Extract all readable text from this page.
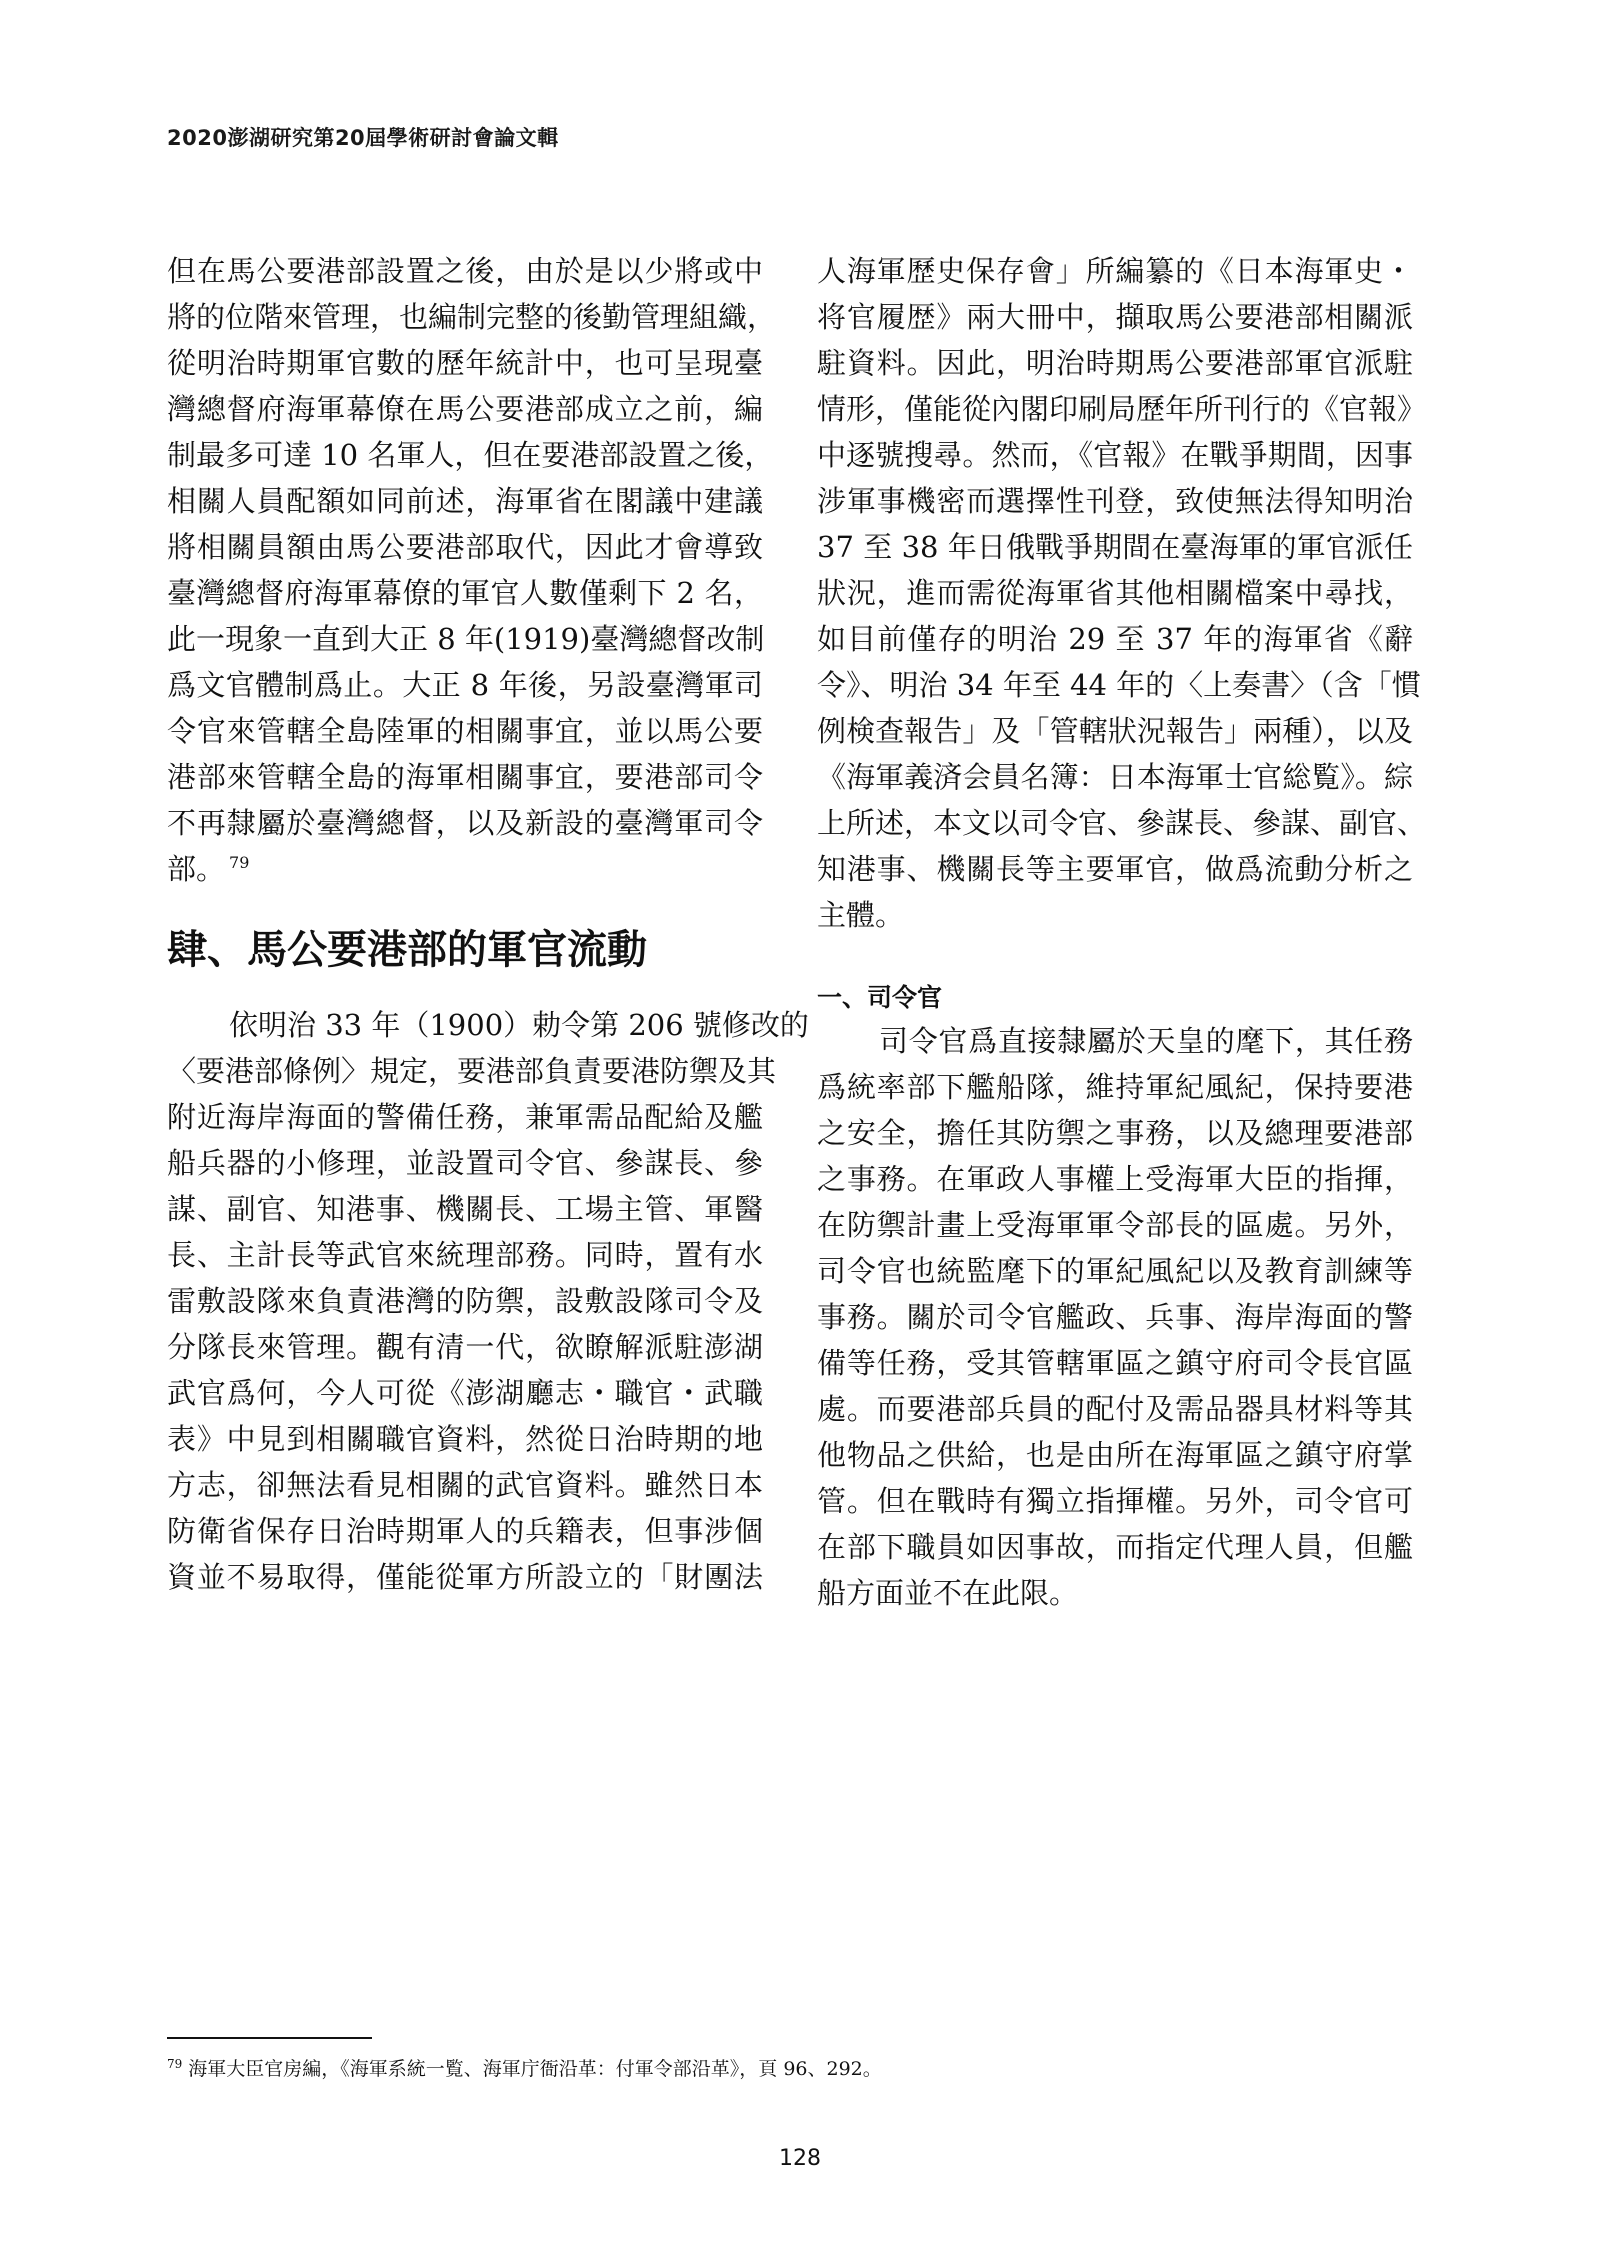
2020澎湖研究第20屆學術研討會論文輯
但在馬公要港部設置之後，由於是以少將或中
將的位階來管理，也編制完整的後勤管理組織，
從明治時期軍官數的歷年統計中，也可呈現臺
灣總督府海軍幕僚在馬公要港部成立之前，編
制最多可達 10 名軍人，但在要港部設置之後，
相關人員配額如同前述，海軍省在閣議中建議
將相關員額由馬公要港部取代，因此才會導致
臺灣總督府海軍幕僚的軍官人數僅剩下 2 名，
此一現象一直到大正 8 年(1919)臺灣總督改制
爲文官體制爲止。大正 8 年後，另設臺灣軍司
令官來管轄全島陸軍的相關事宜，並以馬公要
港部來管轄全島的海軍相關事宜，要港部司令
不再隸屬於臺灣總督，以及新設的臺灣軍司令
部。 $^{79}$
肆、馬公要港部的軍官流動
依明治 33 年（1900）勅令第 206 號修改的
〈要港部條例〉規定，要港部負責要港防禦及其
附近海岸海面的警備任務，兼軍需品配給及艦
船兵器的小修理，並設置司令官、參謀長、參
謀、副官、知港事、機關長、工場主管、軍醫
長、主計長等武官來統理部務。同時，置有水
雷敷設隊來負責港灣的防禦，設敷設隊司令及
分隊長來管理。觀有清一代，欲瞭解派駐澎湖
武官爲何，今人可從《澎湖廳志・職官・武職
表》中見到相關職官資料，然從日治時期的地
方志，卻無法看見相關的武官資料。雖然日本
防衛省保存日治時期軍人的兵籍表，但事涉個
資並不易取得，僅能從軍方所設立的「財團法
人海軍歷史保存會」所編纂的《日本海軍史・
将官履歴》兩大冊中，擷取馬公要港部相關派
駐資料。因此，明治時期馬公要港部軍官派駐
情形，僅能從內閣印刷局歷年所刊行的《官報》
中逐號搜尋。然而，《官報》在戰爭期間，因事
涉軍事機密而選擇性刊登，致使無法得知明治
37 至 38 年日俄戰爭期間在臺海軍的軍官派任
狀況，進而需從海軍省其他相關檔案中尋找，
如目前僅存的明治 29 至 37 年的海軍省《辭
令》、明治 34 年至 44 年的〈上奏書〉（含「慣
例検查報告」及「管轄狀況報告」兩種），以及
《海軍義済会員名簿：日本海軍士官総覧》。綜
上所述，本文以司令官、參謀長、參謀、副官、
知港事、機關長等主要軍官，做爲流動分析之
主體。
一、司令官
司令官爲直接隸屬於天皇的麾下，其任務
爲統率部下艦船隊，維持軍紀風紀，保持要港
之安全，擔任其防禦之事務，以及總理要港部
之事務。在軍政人事權上受海軍大臣的指揮，
在防禦計畫上受海軍軍令部長的區處。另外，
司令官也統監麾下的軍紀風紀以及教育訓練等
事務。關於司令官艦政、兵事、海岸海面的警
備等任務，受其管轄軍區之鎮守府司令長官區
處。而要港部兵員的配付及需品器具材料等其
他物品之供給，也是由所在海軍區之鎮守府掌
管。但在戰時有獨立指揮權。另外，司令官可
在部下職員如因事故，而指定代理人員，但艦
船方面並不在此限。
$^{79}$ 海軍大臣官房編，《海軍系統一覧、海軍庁衙沿革：付軍令部沿革》，頁 96、292。
128
